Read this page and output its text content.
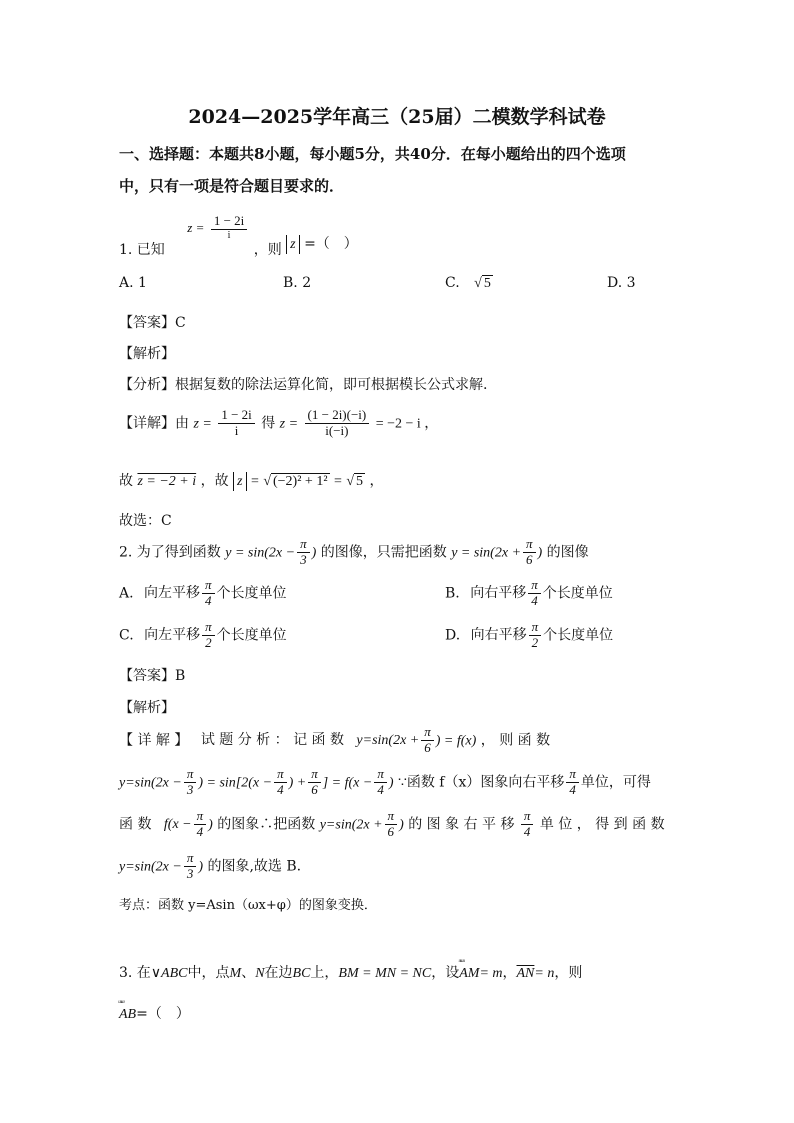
2024—2025学年高三（25届）二模数学科试卷
一、选择题：本题共8小题，每小题5分，共40分．在每小题给出的四个选项
中，只有一项是符合题目要求的．
1. 已知 $z = \frac{1 - 2i}{i}$
，则 z =（　）
A. 1	B. 2	C. √ 5	D. 3
【答案】C
【解析】
【分析】根据复数的除法运算化简，即可根据模长公式求解.
【详解】由 $z = \frac{1 - 2i}{i}$ 得 $z = \frac{(1 - 2i)(-i)}{i(-i)} = -2 - i$ ，
故 z = −2 + i ，故 z = √ (−2)² + 1² = √ 5 ，
故选：C
2. 为了得到函数 $y = \sin(2x - \frac{\pi}{3}$ ) 的图像，只需把函数 $y = \sin(2x + \frac{\pi}{6}$ ) 的图像
A. 向左平移 $\frac{\pi}{4}$ 个长度单位	B. 向右平移 $\frac{\pi}{4}$ 个长度单位
C. 向左平移 $\frac{\pi}{2}$ 个长度单位	D. 向右平移 $\frac{\pi}{2}$ 个长度单位
【答案】B
【解析】
【 详 解 】 试 题 分 析 ： 记 函 数 $y=\sin(2x + \frac{\pi}{6}$ ) = f(x) ， 则 函 数
$y=\sin(2x - \frac{\pi}{3}$ ) = $\sin[2(x - \frac{\pi}{4}$ ) + $\frac{\pi}{6}$ ] = $f(x - \frac{\pi}{4}$ ) ∵函数 f（x）图象向右平移 $\frac{\pi}{4}$ 单位，可得
函 数 $f(x - \frac{\pi}{4}$ ) 的图象∴把函数 $y=\sin(2x + \frac{\pi}{6}$ ) 的 图 象 右 平 移 $\frac{\pi}{4}$ 单 位 ， 得 到 函 数
$y=\sin(2x - \frac{\pi}{3}$ ) 的图象,故选 B.
考点：函数 y=Asin（ωx+φ）的图象变换．
3. 在∨ABC中，点M、N在边BC上，BM = MN = NC，设ᵘᵘᵘᵘ AM= m，$\overline{AN}= n$，则
ᵘᵘᵘᵘ AB=（　）
